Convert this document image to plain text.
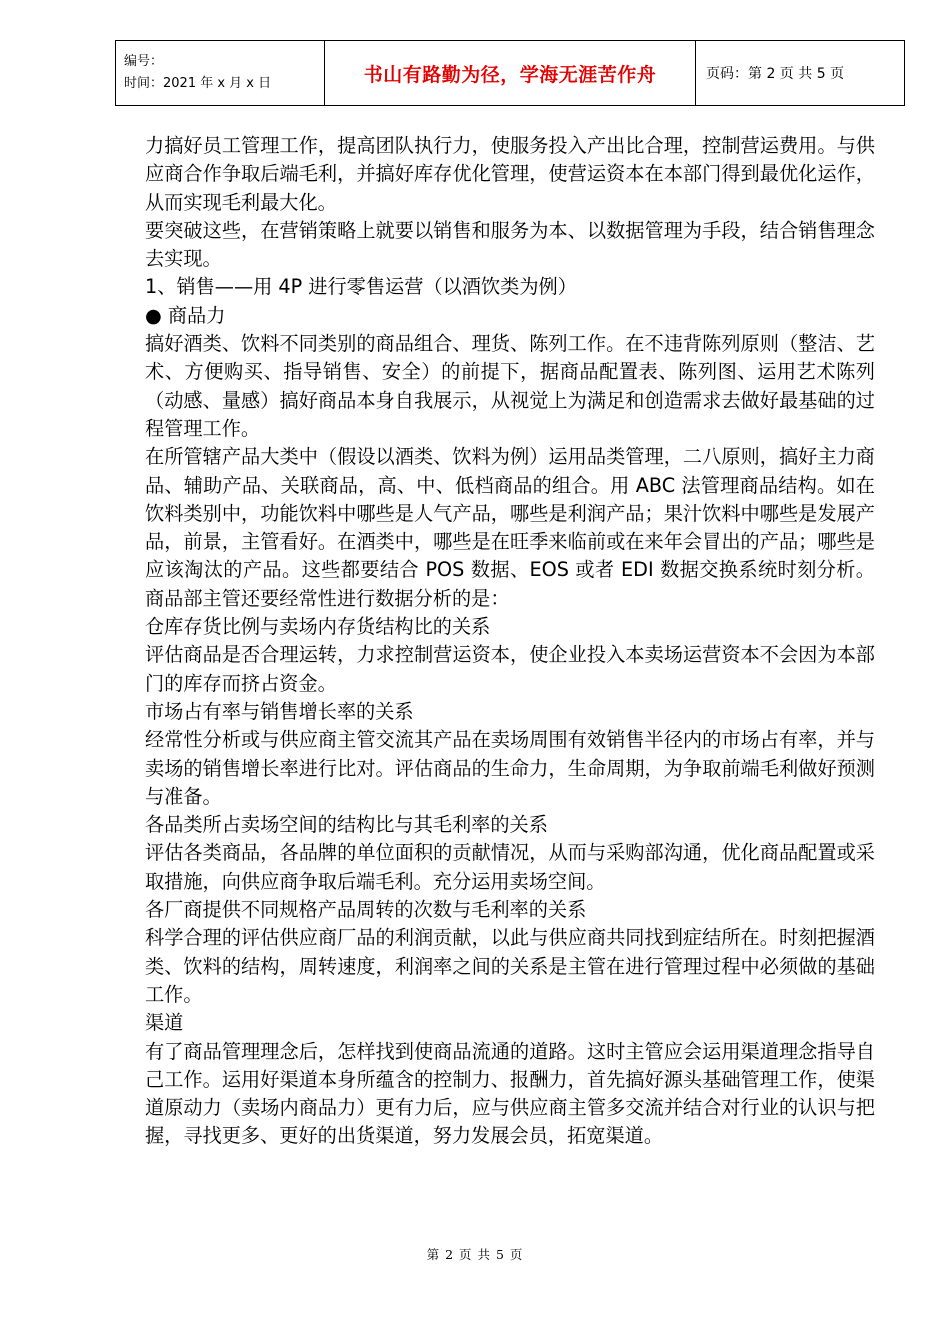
编号：
时间：2021 年 x 月 x 日	书山有路勤为径，学海无涯苦作舟	页码：第 2 页 共 5 页

力搞好员工管理工作，提高团队执行力，使服务投入产出比合理，控制营运费用。与供应商合作争取后端毛利，并搞好库存优化管理，使营运资本在本部门得到最优化运作，从而实现毛利最大化。

要突破这些，在营销策略上就要以销售和服务为本、以数据管理为手段，结合销售理念去实现。

1、销售——用 4P 进行零售运营（以酒饮类为例）

● 商品力

搞好酒类、饮料不同类别的商品组合、理货、陈列工作。在不违背陈列原则（整洁、艺术、方便购买、指导销售、安全）的前提下，据商品配置表、陈列图、运用艺术陈列（动感、量感）搞好商品本身自我展示，从视觉上为满足和创造需求去做好最基础的过程管理工作。

在所管辖产品大类中（假设以酒类、饮料为例）运用品类管理，二八原则，搞好主力商品、辅助产品、关联商品，高、中、低档商品的组合。用 ABC 法管理商品结构。如在饮料类别中，功能饮料中哪些是人气产品，哪些是利润产品；果汁饮料中哪些是发展产品，前景，主管看好。在酒类中，哪些是在旺季来临前或在来年会冒出的产品；哪些是应该淘汰的产品。这些都要结合 POS 数据、EOS 或者 EDI 数据交换系统时刻分析。商品部主管还要经常性进行数据分析的是：

仓库存货比例与卖场内存货结构比的关系

评估商品是否合理运转，力求控制营运资本，使企业投入本卖场运营资本不会因为本部门的库存而挤占资金。

市场占有率与销售增长率的关系

经常性分析或与供应商主管交流其产品在卖场周围有效销售半径内的市场占有率，并与卖场的销售增长率进行比对。评估商品的生命力，生命周期，为争取前端毛利做好预测与准备。

各品类所占卖场空间的结构比与其毛利率的关系

评估各类商品，各品牌的单位面积的贡献情况，从而与采购部沟通，优化商品配置或采取措施，向供应商争取后端毛利。充分运用卖场空间。

各厂商提供不同规格产品周转的次数与毛利率的关系

科学合理的评估供应商厂品的利润贡献，以此与供应商共同找到症结所在。时刻把握酒类、饮料的结构，周转速度，利润率之间的关系是主管在进行管理过程中必须做的基础工作。

渠道

有了商品管理理念后，怎样找到使商品流通的道路。这时主管应会运用渠道理念指导自己工作。运用好渠道本身所蕴含的控制力、报酬力，首先搞好源头基础管理工作，使渠道原动力（卖场内商品力）更有力后，应与供应商主管多交流并结合对行业的认识与把握，寻找更多、更好的出货渠道，努力发展会员，拓宽渠道。

第 2 页 共 5 页
